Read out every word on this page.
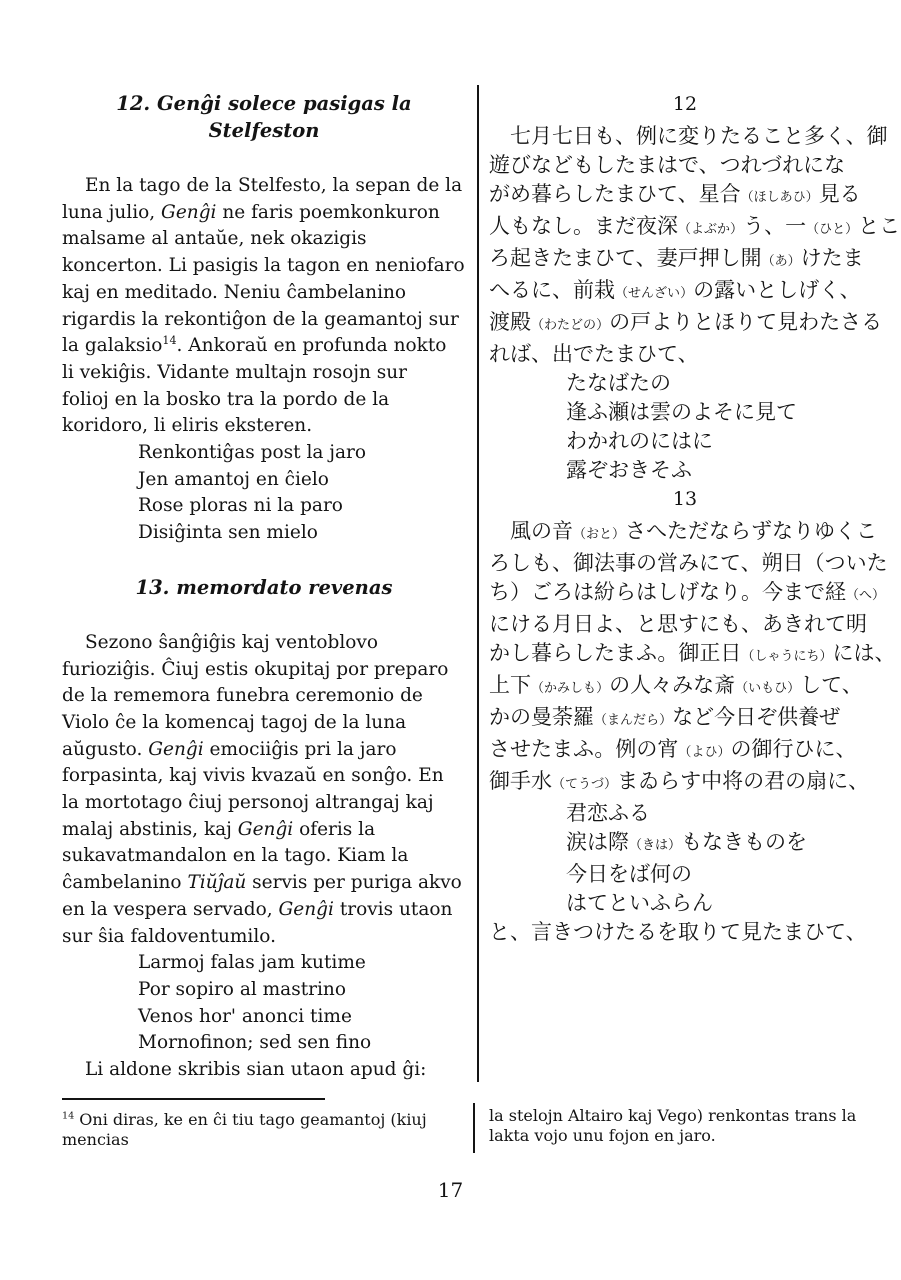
12. Genĝi solece pasigas la Stelfeston
En la tago de la Stelfesto, la sepan de la
luna julio, Genĝi ne faris poemkonkuron
malsame al antaŭe, nek okazigis
koncerton. Li pasigis la tagon en neniofaro
kaj en meditado. Neniu ĉambelanino
rigardis la rekontiĝon de la geamantoj sur
la galaksio$^{14}$. Ankoraŭ en profunda nokto
li vekiĝis. Vidante multajn rosojn sur
folioj en la bosko tra la pordo de la
koridoro, li eliris eksteren.
Renkontiĝas post la jaro
Jen amantoj en ĉielo
Rose ploras ni la paro
Disiĝinta sen mielo
13. memordato revenas
Sezono ŝanĝiĝis kaj ventoblovo
furioziĝis. Ĉiuj estis okupitaj por preparo
de la rememora funebra ceremonio de
Violo ĉe la komencaj tagoj de la luna
aŭgusto. Genĝi emociiĝis pri la jaro
forpasinta, kaj vivis kvazaŭ en sonĝo. En
la mortotago ĉiuj personoj altrangaj kaj
malaj abstinis, kaj Genĝi oferis la
sukavatmandalon en la tago. Kiam la
ĉambelanino Tiŭĵaŭ servis per puriga akvo
en la vespera servado, Genĝi trovis utaon
sur ŝia faldoventumilo.
Larmoj falas jam kutime
Por sopiro al mastrino
Venos hor' anonci time
Mornofinon; sed sen fino
Li aldone skribis sian utaon apud ĝi:
12
　七月七日も、例に変りたること多く、御
遊びなどもしたまはで、つれづれにな
がめ暮らしたまひて、星合（ほしあひ）見る
人もなし。まだ夜深（よぶか）う、一（ひと）とこ
ろ起きたまひて、妻戸押し開（あ）けたま
へるに、前栽（せんざい）の露いとしげく、
渡殿（わたどの）の戸よりとほりて見わたさる
れば、出でたまひて、
たなばたの
逢ふ瀬は雲のよそに見て
わかれのにはに
露ぞおきそふ
13
　風の音（おと）さへただならずなりゆくこ
ろしも、御法事の営みにて、朔日（ついた
ち）ごろは紛らはしげなり。今まで経（へ）
にける月日よ、と思すにも、あきれて明
かし暮らしたまふ。御正日（しゃうにち）には、
上下（かみしも）の人々みな斎（いもひ）して、
かの曼荼羅（まんだら）など今日ぞ供養ぜ
させたまふ。例の宵（よひ）の御行ひに、
御手水（てうづ）まゐらす中将の君の扇に、
君恋ふる
涙は際（きは）もなきものを
今日をば何の
はてといふらん
と、言きつけたるを取りて見たまひて、
$^{14}$ Oni diras, ke en ĉi tiu tago geamantoj (kiuj mencias
la stelojn Altairo kaj Vego) renkontas trans la
lakta vojo unu fojon en jaro.
17
